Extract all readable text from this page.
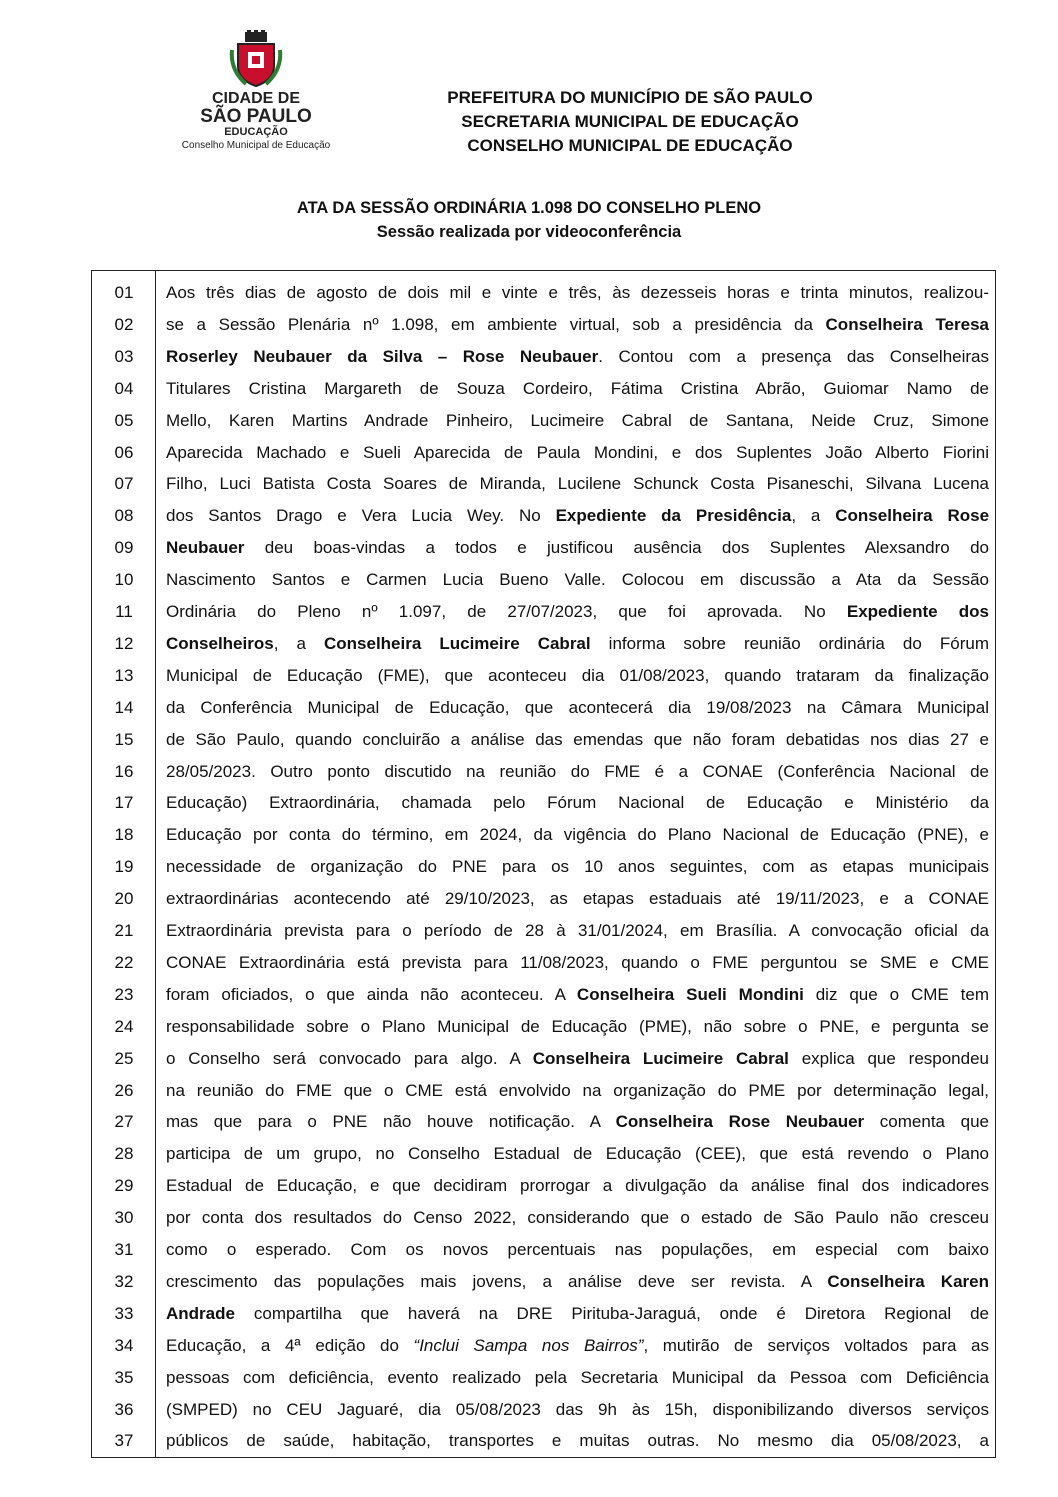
CIDADE DE
SÃO PAULO
EDUCAÇÃO
Conselho Municipal de Educação
PREFEITURA DO MUNICÍPIO DE SÃO PAULO
SECRETARIA MUNICIPAL DE EDUCAÇÃO
CONSELHO MUNICIPAL DE EDUCAÇÃO
ATA DA SESSÃO ORDINÁRIA 1.098 DO CONSELHO PLENO
Sessão realizada por videoconferência
01
02
03
04
05
06
07
08
09
10
11
12
13
14
15
16
17
18
19
20
21
22
23
24
25
26
27
28
29
30
31
32
33
34
35
36
37
Aos três dias de agosto de dois mil e vinte e três, às dezesseis horas e trinta minutos, realizou-
se a Sessão Plenária nº 1.098, em ambiente virtual, sob a presidência da Conselheira Teresa
Roserley Neubauer da Silva – Rose Neubauer. Contou com a presença das Conselheiras
Titulares Cristina Margareth de Souza Cordeiro, Fátima Cristina Abrão, Guiomar Namo de
Mello, Karen Martins Andrade Pinheiro, Lucimeire Cabral de Santana, Neide Cruz, Simone
Aparecida Machado e Sueli Aparecida de Paula Mondini, e dos Suplentes João Alberto Fiorini
Filho, Luci Batista Costa Soares de Miranda, Lucilene Schunck Costa Pisaneschi, Silvana Lucena
dos Santos Drago e Vera Lucia Wey. No Expediente da Presidência, a Conselheira Rose
Neubauer deu boas-vindas a todos e justificou ausência dos Suplentes Alexsandro do
Nascimento Santos e Carmen Lucia Bueno Valle. Colocou em discussão a Ata da Sessão
Ordinária do Pleno nº 1.097, de 27/07/2023, que foi aprovada. No Expediente dos
Conselheiros, a Conselheira Lucimeire Cabral informa sobre reunião ordinária do Fórum
Municipal de Educação (FME), que aconteceu dia 01/08/2023, quando trataram da finalização
da Conferência Municipal de Educação, que acontecerá dia 19/08/2023 na Câmara Municipal
de São Paulo, quando concluirão a análise das emendas que não foram debatidas nos dias 27 e
28/05/2023. Outro ponto discutido na reunião do FME é a CONAE (Conferência Nacional de
Educação) Extraordinária, chamada pelo Fórum Nacional de Educação e Ministério da
Educação por conta do término, em 2024, da vigência do Plano Nacional de Educação (PNE), e
necessidade de organização do PNE para os 10 anos seguintes, com as etapas municipais
extraordinárias acontecendo até 29/10/2023, as etapas estaduais até 19/11/2023, e a CONAE
Extraordinária prevista para o período de 28 à 31/01/2024, em Brasília. A convocação oficial da
CONAE Extraordinária está prevista para 11/08/2023, quando o FME perguntou se SME e CME
foram oficiados, o que ainda não aconteceu. A Conselheira Sueli Mondini diz que o CME tem
responsabilidade sobre o Plano Municipal de Educação (PME), não sobre o PNE, e pergunta se
o Conselho será convocado para algo. A Conselheira Lucimeire Cabral explica que respondeu
na reunião do FME que o CME está envolvido na organização do PME por determinação legal,
mas que para o PNE não houve notificação. A Conselheira Rose Neubauer comenta que
participa de um grupo, no Conselho Estadual de Educação (CEE), que está revendo o Plano
Estadual de Educação, e que decidiram prorrogar a divulgação da análise final dos indicadores
por conta dos resultados do Censo 2022, considerando que o estado de São Paulo não cresceu
como o esperado. Com os novos percentuais nas populações, em especial com baixo
crescimento das populações mais jovens, a análise deve ser revista. A Conselheira Karen
Andrade compartilha que haverá na DRE Pirituba-Jaraguá, onde é Diretora Regional de
Educação, a 4ª edição do “Inclui Sampa nos Bairros”, mutirão de serviços voltados para as
pessoas com deficiência, evento realizado pela Secretaria Municipal da Pessoa com Deficiência
(SMPED) no CEU Jaguaré, dia 05/08/2023 das 9h às 15h, disponibilizando diversos serviços
públicos de saúde, habitação, transportes e muitas outras. No mesmo dia 05/08/2023, a
